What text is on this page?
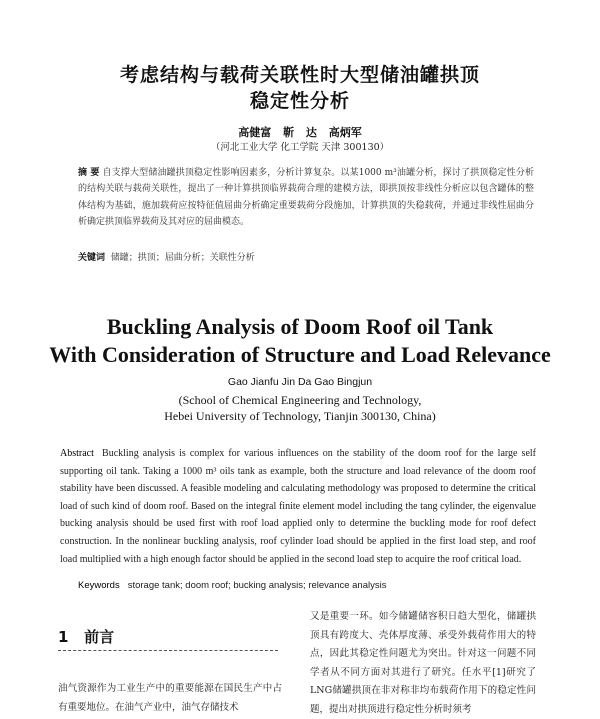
考虑结构与载荷关联性时大型储油罐拱顶
稳定性分析
高健富 靳 达 高炳军
（河北工业大学 化工学院 天津 300130）
摘 要 自支撑大型储油罐拱顶稳定性影响因素多，分析计算复杂。以某1000 m³油罐分析，探讨了拱顶稳定性分析的结构关联与载荷关联性，提出了一种计算拱顶临界载荷合理的建模方法，即拱顶按非线性分析应以包含罐体的整体结构为基础，施加载荷应按特征值屈曲分析确定重要载荷分段施加，计算拱顶的失稳载荷，并通过非线性屈曲分析确定拱顶临界载荷及其对应的屈曲模态。
关键词 储罐；拱顶；屈曲分析；关联性分析
Buckling Analysis of Doom Roof oil Tank
With Consideration of Structure and Load Relevance
Gao Jianfu Jin Da Gao Bingjun
(School of Chemical Engineering and Technology,
Hebei University of Technology, Tianjin 300130, China)
Abstract Buckling analysis is complex for various influences on the stability of the doom roof for the large self supporting oil tank. Taking a 1000 m³ oils tank as example, both the structure and load relevance of the doom roof stability have been discussed. A feasible modeling and calculating methodology was proposed to determine the critical load of such kind of doom roof. Based on the integral finite element model including the tang cylinder, the eigenvalue bucking analysis should be used first with roof load applied only to determine the buckling mode for roof defect construction. In the nonlinear buckling analysis, roof cylinder load should be applied in the first load step, and roof load multiplied with a high enough factor should be applied in the second load step to acquire the roof critical load.
Keywords storage tank; doom roof; bucking analysis; relevance analysis
1 前言
油气资源作为工业生产中的重要能源在国民生产中占有重要地位。在油气产业中，油气存储技术
又是重要一环。如今储罐储容积日趋大型化，储罐拱顶具有跨度大、壳体厚度薄、承受外载荷作用大的特点，因此其稳定性问题尤为突出。针对这一问题不同学者从不同方面对其进行了研究。任水平[1]研究了LNG储罐拱顶在非对称非均布载荷作用下的稳定性问题，提出对拱顶进行稳定性分析时须考
